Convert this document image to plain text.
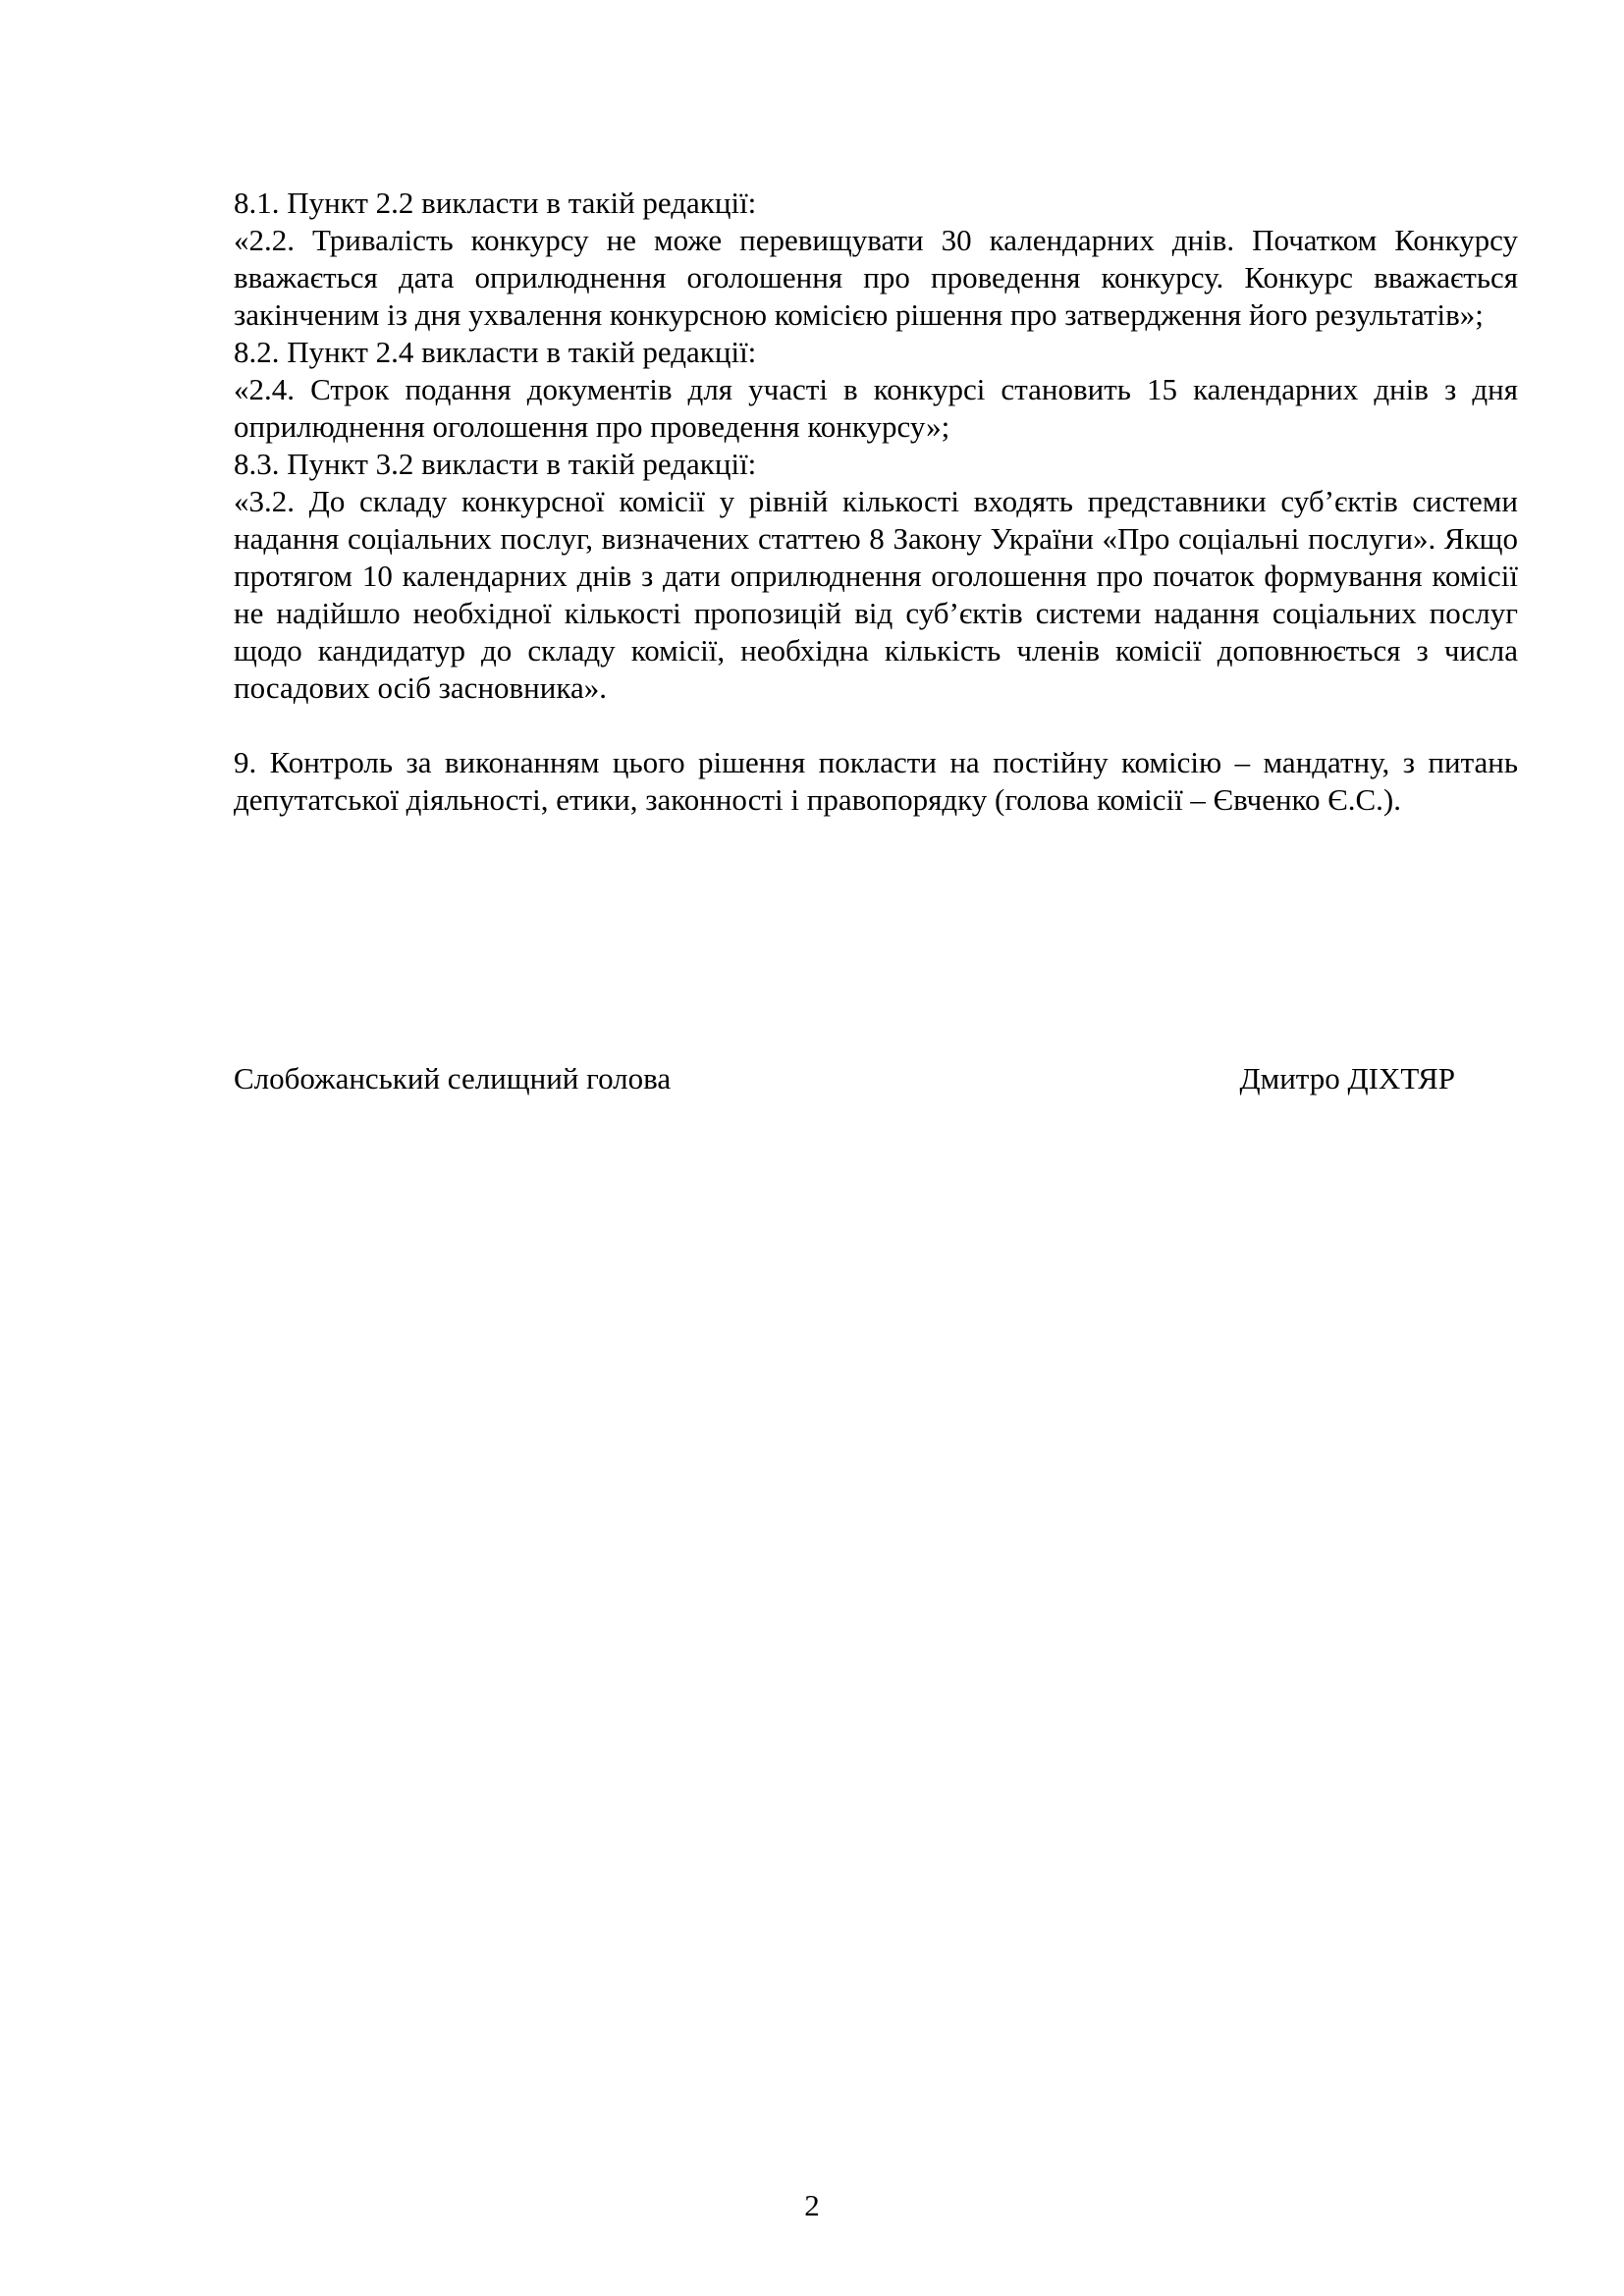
8.1. Пункт 2.2 викласти в такій редакції:

«2.2. Тривалість конкурсу не може перевищувати 30 календарних днів. Початком Конкурсу вважається дата оприлюднення оголошення про проведення конкурсу. Конкурс вважається закінченим із дня ухвалення конкурсною комісією рішення про затвердження його результатів»;

8.2. Пункт 2.4 викласти в такій редакції:

«2.4. Строк подання документів для участі в конкурсі становить 15 календарних днів з дня оприлюднення оголошення про проведення конкурсу»;

8.3. Пункт 3.2 викласти в такій редакції:

«3.2. До складу конкурсної комісії у рівній кількості входять представники суб’єктів системи надання соціальних послуг, визначених статтею 8 Закону України «Про соціальні послуги». Якщо протягом 10 календарних днів з дати оприлюднення оголошення про початок формування комісії не надійшло необхідної кількості пропозицій від суб’єктів системи надання соціальних послуг щодо кандидатур до складу комісії, необхідна кількість членів комісії доповнюється з числа посадових осіб засновника».

9. Контроль за виконанням цього рішення покласти на постійну комісію – мандатну, з питань депутатської діяльності, етики, законності і правопорядку (голова комісії – Євченко Є.С.).

Слобожанський селищний голова	Дмитро ДІХТЯР
2
